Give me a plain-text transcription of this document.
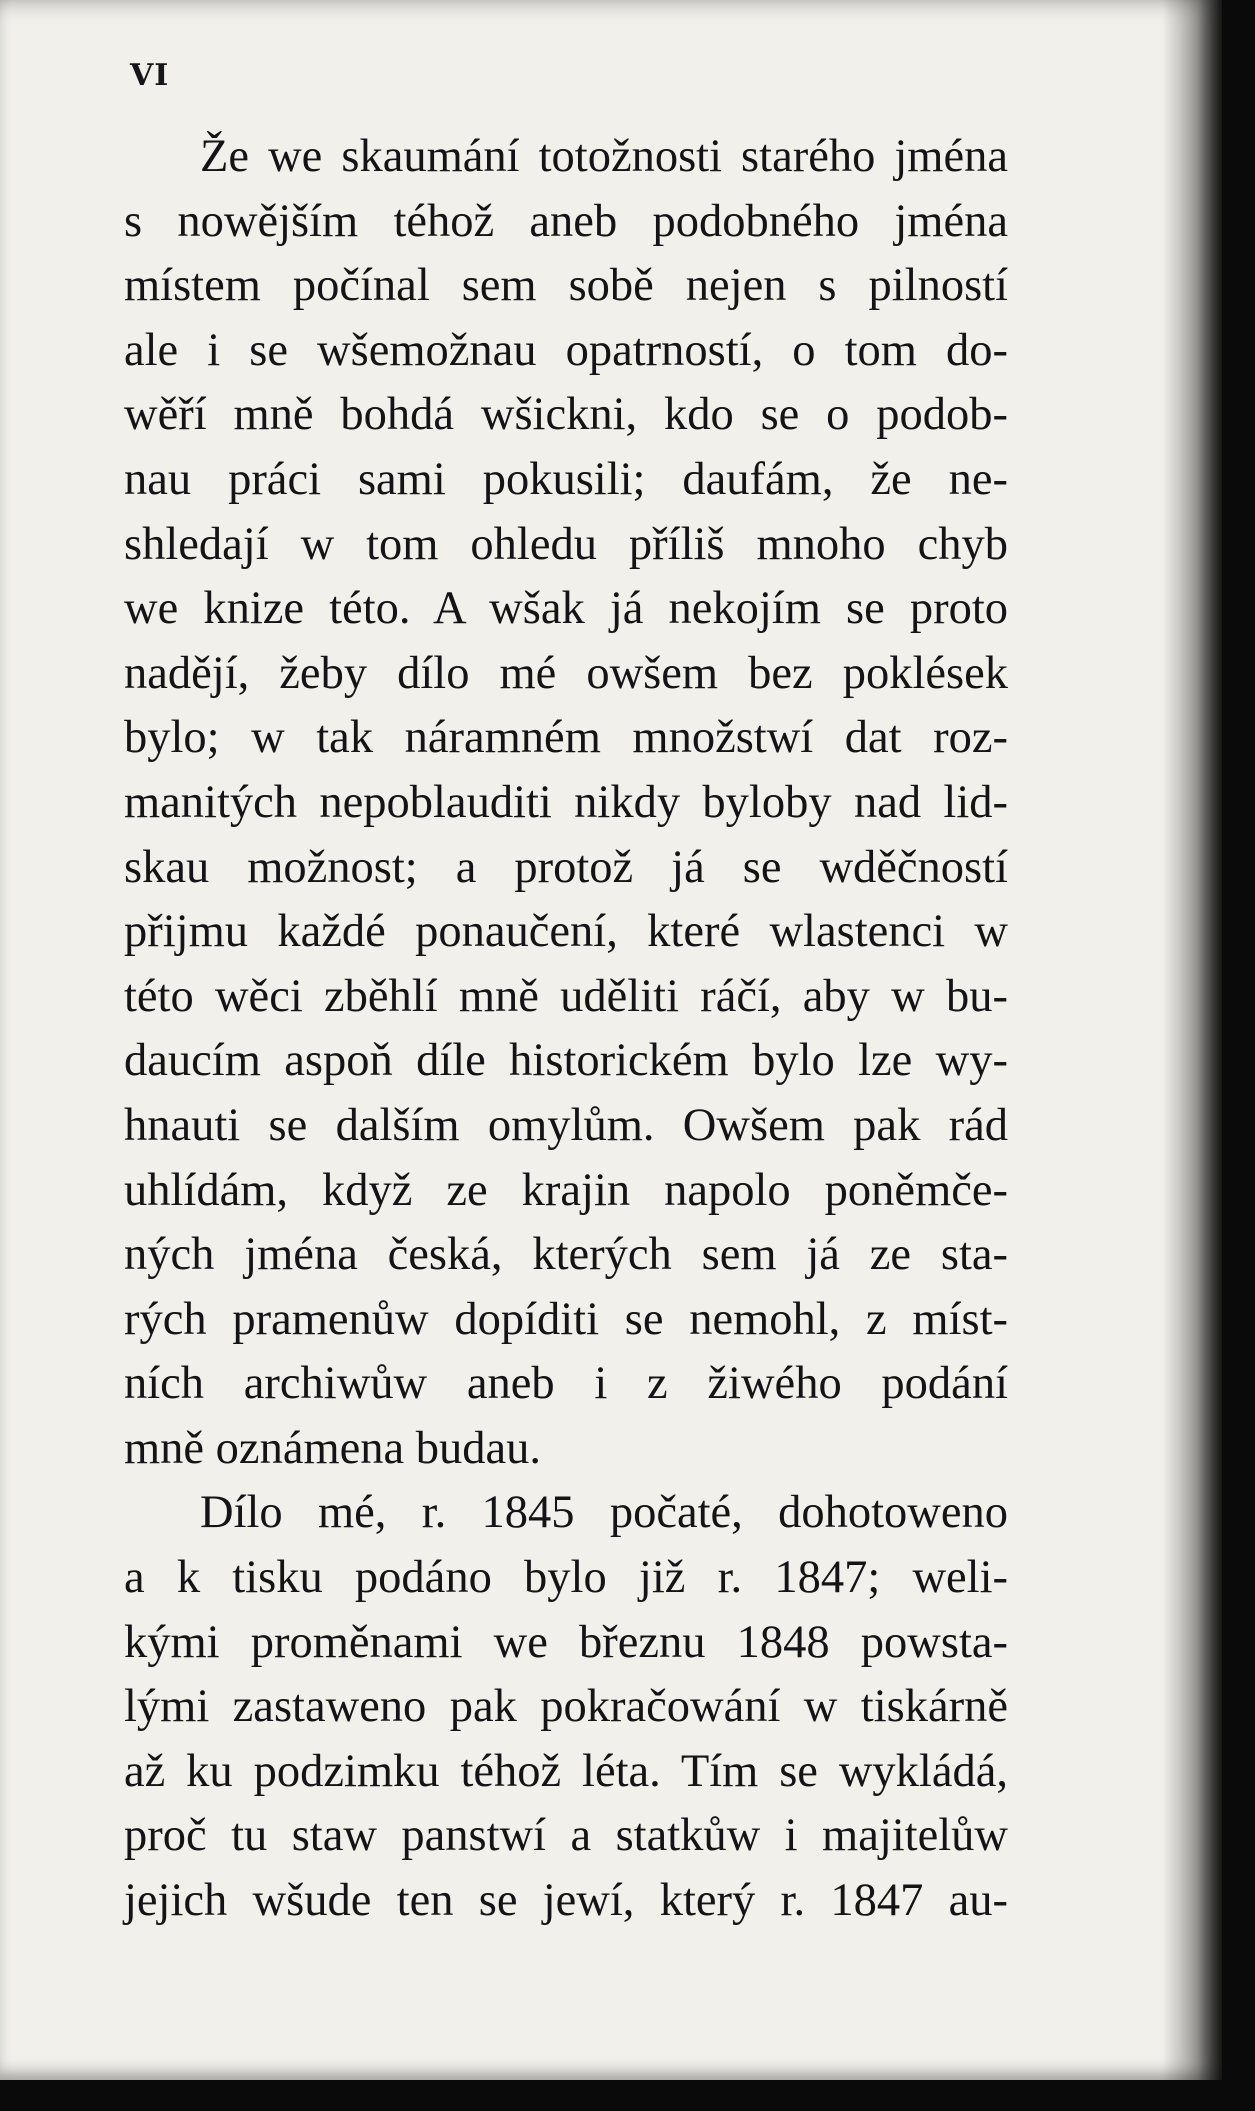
VI
Že we skaumání totožnosti starého jména
s nowějším téhož aneb podobného jména
místem počínal sem sobě nejen s pilností
ale i se wšemožnau opatrností, o tom do-
wěří mně bohdá wšickni, kdo se o podob-
nau práci sami pokusili; daufám, že ne-
shledají w tom ohledu příliš mnoho chyb
we knize této. A wšak já nekojím se proto
nadějí, žeby dílo mé owšem bez poklések
bylo; w tak náramném množstwí dat roz-
manitých nepoblauditi nikdy byloby nad lid-
skau možnost; a protož já se wděčností
přijmu každé ponaučení, které wlastenci w
této wěci zběhlí mně uděliti ráčí, aby w bu-
daucím aspoň díle historickém bylo lze wy-
hnauti se dalším omylům. Owšem pak rád
uhlídám, když ze krajin napolo poněmče-
ných jména česká, kterých sem já ze sta-
rých pramenůw dopíditi se nemohl, z míst-
ních archiwůw aneb i z žiwého podání
mně oznámena budau.
Dílo mé, r. 1845 počaté, dohotoweno
a k tisku podáno bylo již r. 1847; weli-
kými proměnami we březnu 1848 powsta-
lými zastaweno pak pokračowání w tiskárně
až ku podzimku téhož léta. Tím se wykládá,
proč tu staw panstwí a statkůw i majitelůw
jejich wšude ten se jewí, který r. 1847 au-
